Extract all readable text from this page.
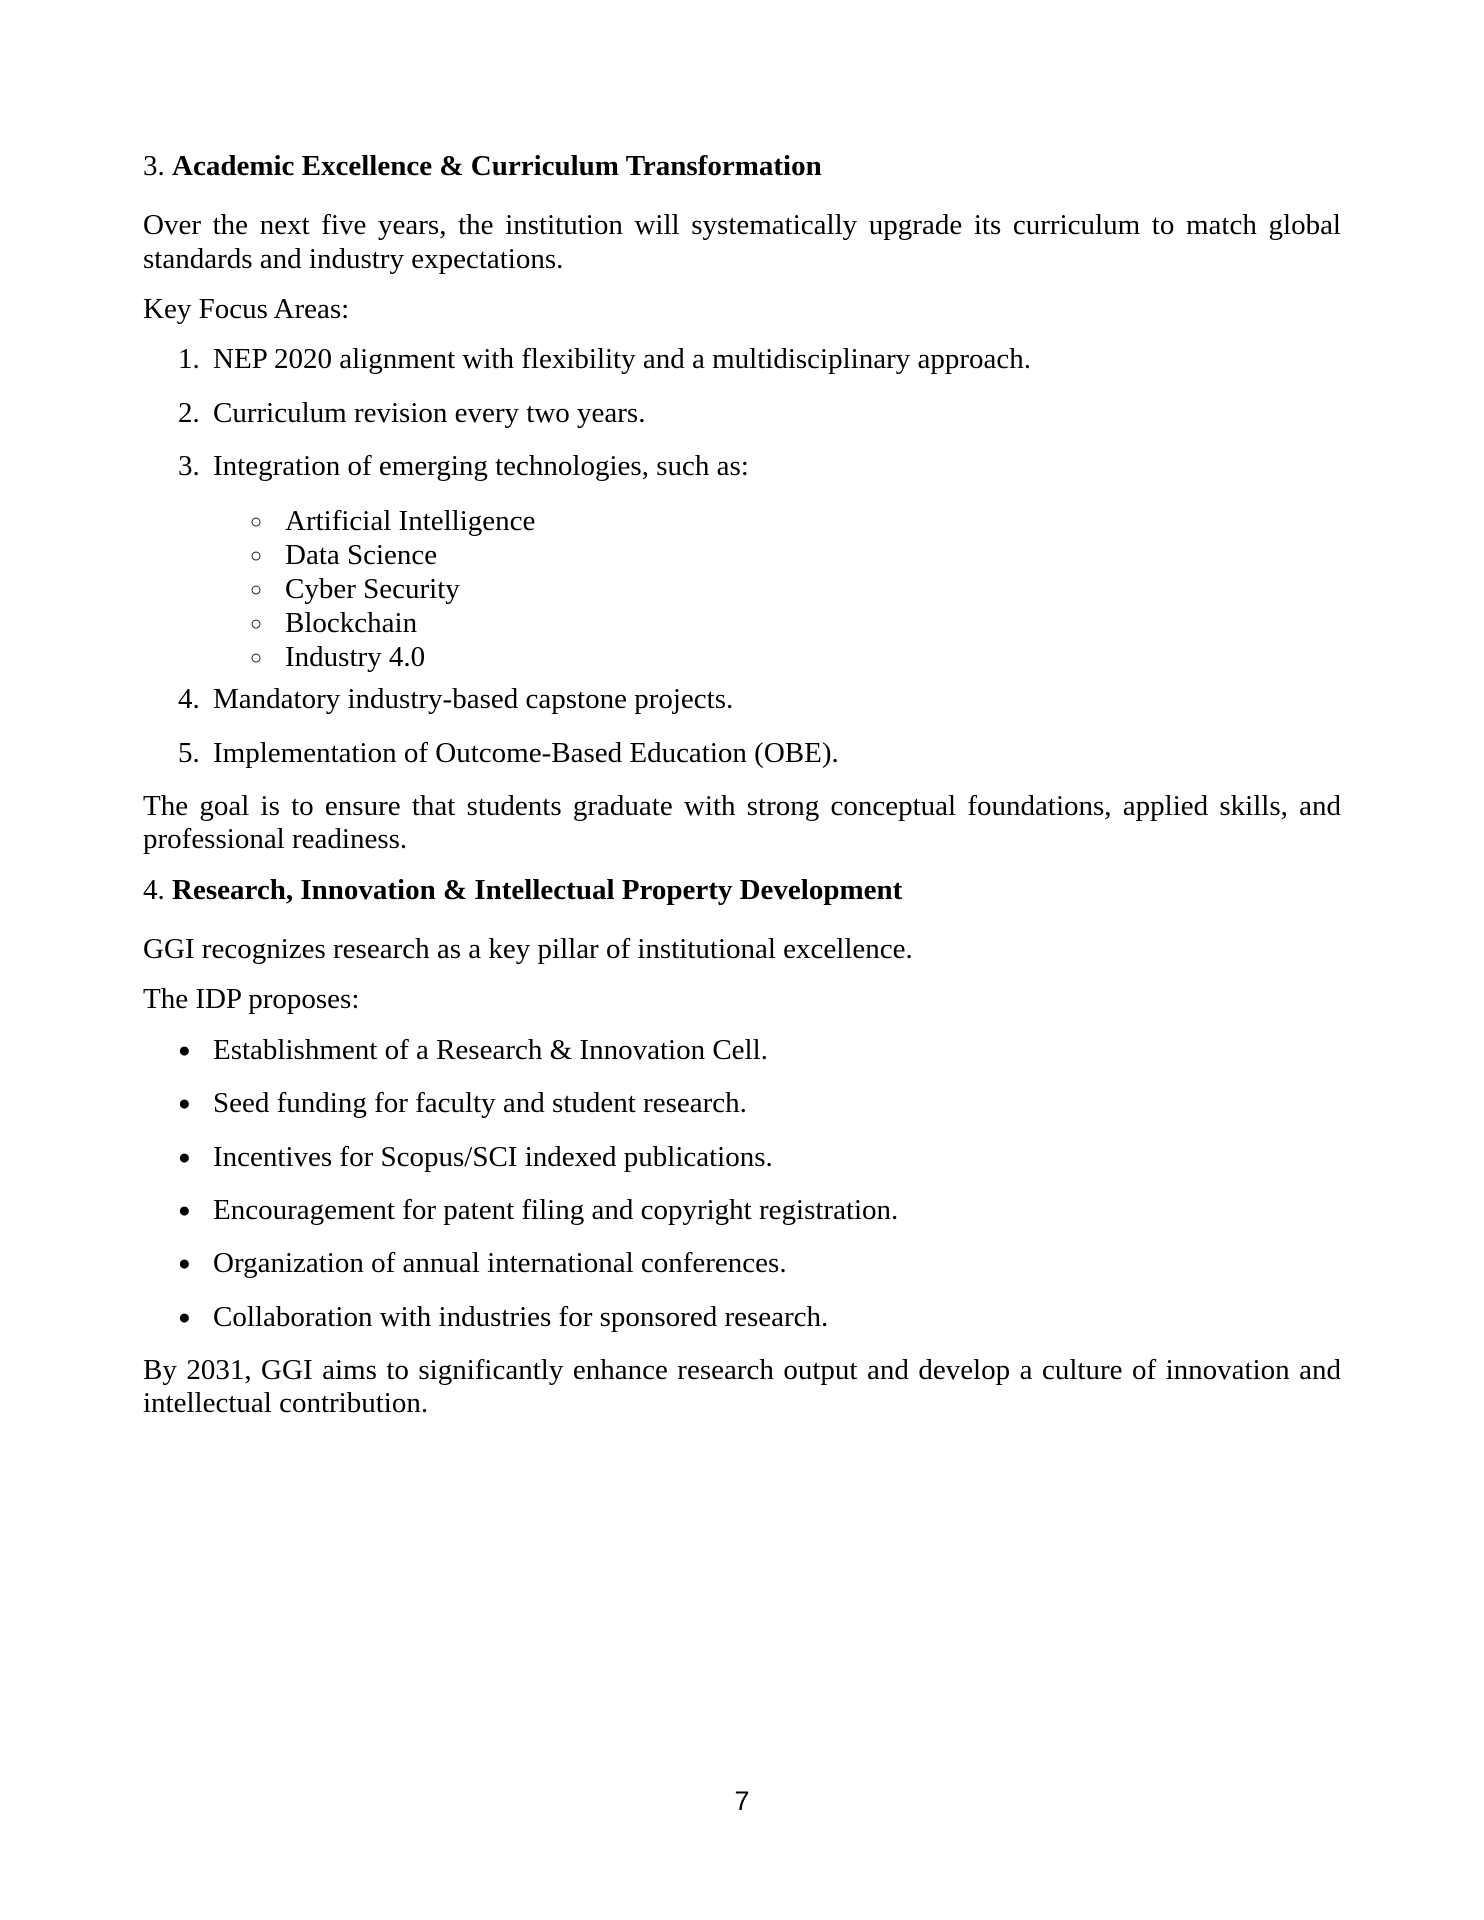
3. Academic Excellence & Curriculum Transformation

Over the next five years, the institution will systematically upgrade its curriculum to match global standards and industry expectations.

Key Focus Areas:

1. NEP 2020 alignment with flexibility and a multidisciplinary approach.
2. Curriculum revision every two years.
3. Integration of emerging technologies, such as:
○ Artificial Intelligence
○ Data Science
○ Cyber Security
○ Blockchain
○ Industry 4.0
4. Mandatory industry-based capstone projects.
5. Implementation of Outcome-Based Education (OBE).

The goal is to ensure that students graduate with strong conceptual foundations, applied skills, and professional readiness.

4. Research, Innovation & Intellectual Property Development

GGI recognizes research as a key pillar of institutional excellence.

The IDP proposes:

● Establishment of a Research & Innovation Cell.
● Seed funding for faculty and student research.
● Incentives for Scopus/SCI indexed publications.
● Encouragement for patent filing and copyright registration.
● Organization of annual international conferences.
● Collaboration with industries for sponsored research.

By 2031, GGI aims to significantly enhance research output and develop a culture of innovation and intellectual contribution.

7
